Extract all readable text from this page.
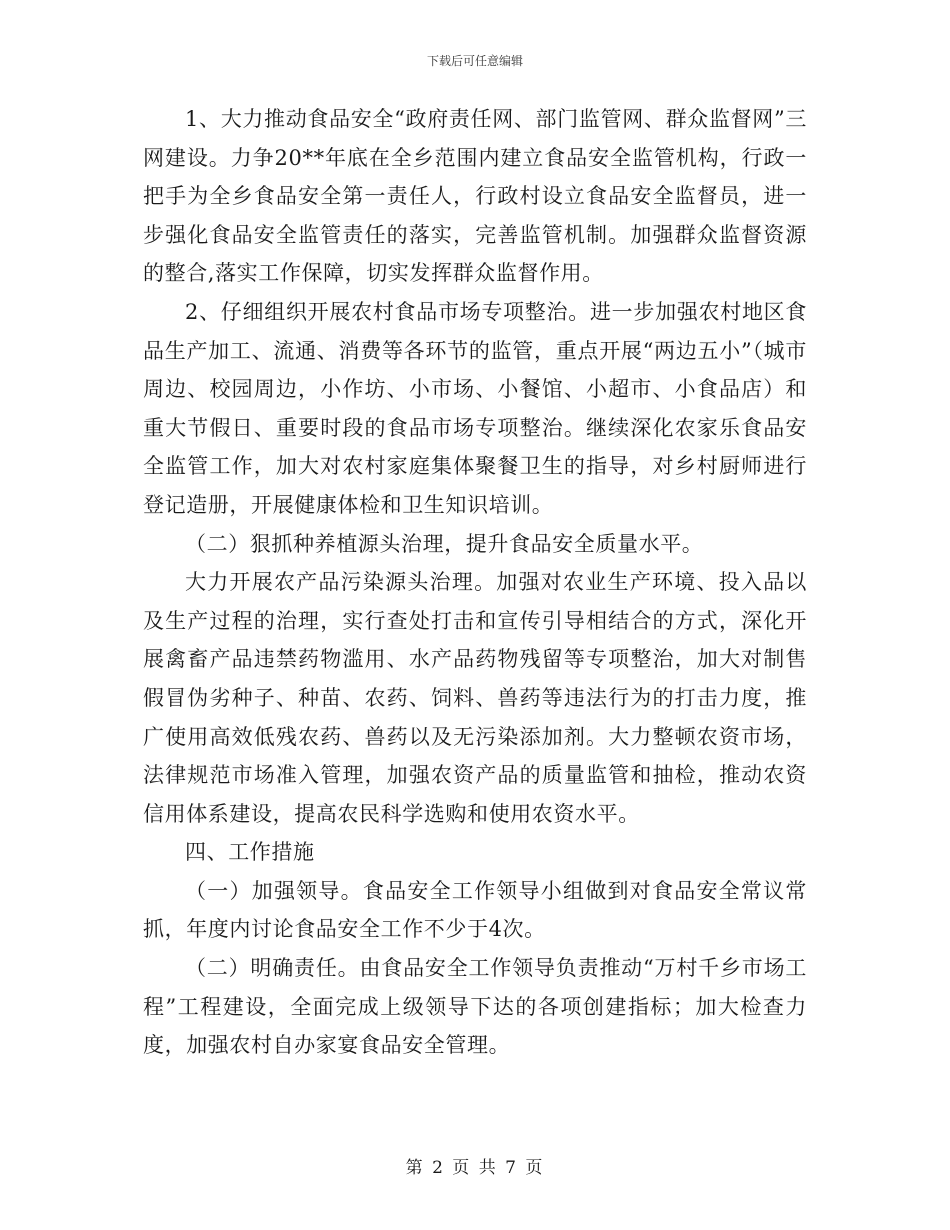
下载后可任意编辑

1、大力推动食品安全“政府责任网、部门监管网、群众监督网”三网建设。力争20**年底在全乡范围内建立食品安全监管机构，行政一把手为全乡食品安全第一责任人，行政村设立食品安全监督员，进一步强化食品安全监管责任的落实，完善监管机制。加强群众监督资源的整合,落实工作保障，切实发挥群众监督作用。

2、仔细组织开展农村食品市场专项整治。进一步加强农村地区食品生产加工、流通、消费等各环节的监管，重点开展“两边五小”（城市周边、校园周边，小作坊、小市场、小餐馆、小超市、小食品店）和重大节假日、重要时段的食品市场专项整治。继续深化农家乐食品安全监管工作，加大对农村家庭集体聚餐卫生的指导，对乡村厨师进行登记造册，开展健康体检和卫生知识培训。

（二）狠抓种养植源头治理，提升食品安全质量水平。

大力开展农产品污染源头治理。加强对农业生产环境、投入品以及生产过程的治理，实行查处打击和宣传引导相结合的方式，深化开展禽畜产品违禁药物滥用、水产品药物残留等专项整治，加大对制售假冒伪劣种子、种苗、农药、饲料、兽药等违法行为的打击力度，推广使用高效低残农药、兽药以及无污染添加剂。大力整顿农资市场，法律规范市场准入管理，加强农资产品的质量监管和抽检，推动农资信用体系建设，提高农民科学选购和使用农资水平。

四、工作措施

（一）加强领导。食品安全工作领导小组做到对食品安全常议常抓，年度内讨论食品安全工作不少于4次。

（二）明确责任。由食品安全工作领导负责推动“万村千乡市场工程”工程建设，全面完成上级领导下达的各项创建指标；加大检查力度，加强农村自办家宴食品安全管理。

第 2 页 共 7 页
